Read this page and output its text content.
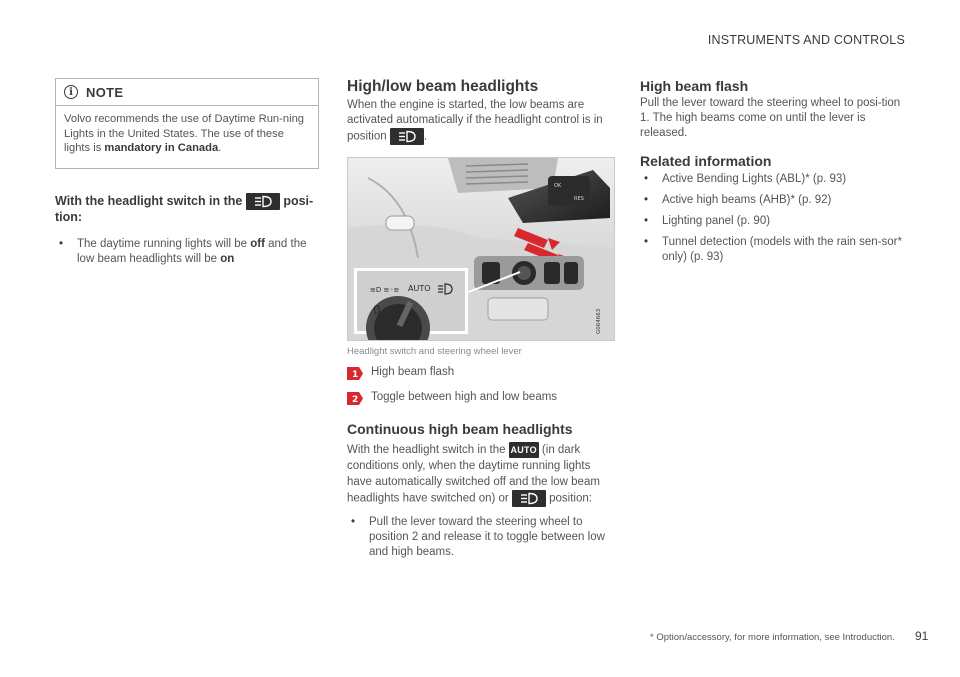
INSTRUMENTS AND CONTROLS
i	NOTE
Volvo recommends the use of Daytime Run-ning Lights in the United States. The use of these lights is mandatory in Canada.
With the headlight switch in the	posi-tion:
• The daytime running lights will be off and the low beam headlights will be on
High/low beam headlights
When the engine is started, the low beams are activated automatically if the headlight control is in position	.
OK
RES
≡D ≡◦≡ AUTO
0	G064663
Headlight switch and steering wheel lever
1 High beam flash
2 Toggle between high and low beams
Continuous high beam headlights
With the headlight switch in the AUTO (in dark conditions only, when the daytime running lights have automatically switched off and the low beam headlights have switched on) or	position:
• Pull the lever toward the steering wheel to position 2 and release it to toggle between low and high beams.
High beam flash
Pull the lever toward the steering wheel to posi-tion 1. The high beams come on until the lever is released.
Related information
• Active Bending Lights (ABL)* (p. 93)
• Active high beams (AHB)* (p. 92)
• Lighting panel (p. 90)
• Tunnel detection (models with the rain sen-sor* only) (p. 93)
* Option/accessory, for more information, see Introduction. 91
